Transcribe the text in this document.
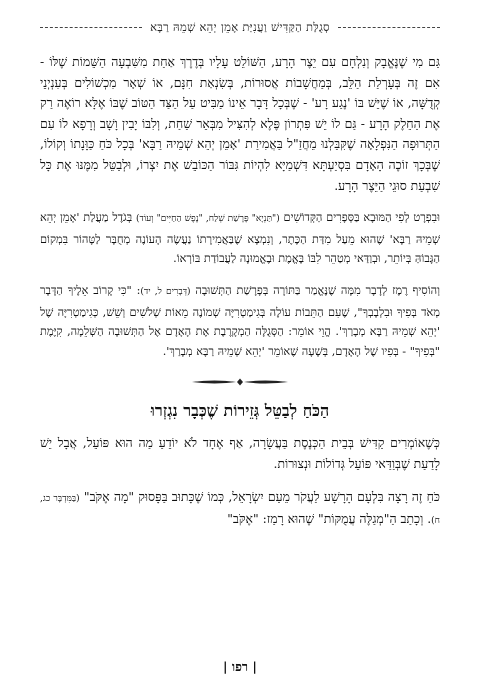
סְגֻלַּת הַקַּדִּישׁ וַעֲנִיַּת אָמֵן יְהֵא שְׁמֵהּ רַבָּא

גַּם מִי שֶׁנֶּאֱבָק וְנִלְחָם עִם יֵצֶר הָרָע, הַשּׁוֹלֵט עָלָיו בְּדֶרֶךְ אַחַת מִשִּׁבְעָה הַשֵּׁמוֹת שֶׁלּוֹ - אִם זֶה בְּעָרְלַת הַלֵּב, בְּמַחֲשָׁבוֹת אֲסוּרוֹת, בְּשִׂנְאַת חִנָּם, אוֹ שְׁאָר מִכְשׁוֹלִים בְּעִנְיְנֵי קְדֻשָּׁה, אוֹ שֶׁיֵּשׁ בּוֹ 'נֶגַע רָע' - שֶׁבְּכָל דָּבָר אֵינוֹ מַבִּיט עַל הַצַּד הַטּוֹב שֶׁבּוֹ אֶלָּא רוֹאֶה רַק אֶת הַחֵלֶק הָרָע - גַּם לוֹ יֵשׁ פִּתְרוֹן פֶּלֶא לְהִצִּיל מִבְּאֵר שַׁחַת, וְלִבּוֹ יָבִין וָשָׁב וְרָפָא לוֹ עִם הַתְּרוּפָה הַנִּפְלָאָה שֶׁקִּבַּלְנוּ מֵחֲזַ"ל בַּאֲמִירַת 'אָמֵן יְהֵא שְׁמֵיהּ רַבָּא' בְּכָל כֹּחַ כַּוָּנָתוֹ וְקוֹלוֹ, שֶׁבְּכָךְ זוֹכֶה הָאָדָם בִּסְיַעְתָּא דִּשְׁמַיָּא לִהְיוֹת גִּבּוֹר הַכּוֹבֵשׁ אֶת יִצְרוֹ, וּלְבַטֵּל מִמֶּנּוּ אֶת כָּל שִׁבְעַת סוּגֵי הַיֵּצֶר הָרָע.

וּבִפְרָט לְפִי הַמּוּבָא בַּסְּפָרִים הַקְּדוֹשִׁים ("תַּנְיָא" פָּרָשַׁת שְׁלַח, "נֶפֶשׁ הַחַיִּים" וְעוֹד) בְּגֹדֶל מַעֲלַת 'אָמֵן יְהֵא שְׁמֵיהּ רַבָּא' שֶׁהוּא מֵעַל מִדַּת הַכֶּתֶר, וְנִמְצָא שֶׁבַּאֲמִירָתוֹ נַעֲשֶׂה הָעוֹנֶה מְחֻבָּר לַטָּהוֹר בִּמְקוֹם הַגָּבוֹהַּ בְּיוֹתֵר, וּבְוַדַּאי מְטַהֵר לִבּוֹ בֶּאֱמֶת וּבֶאֱמוּנָה לַעֲבוֹדַת בּוֹרְאוֹ.

וְהוֹסִיף רֶמֶז לְדָבָר מִמָּה שֶׁנֶּאֱמַר בַּתּוֹרָה בְּפָרָשַׁת הַתְּשׁוּבָה (דְּבָרִים ל, יד): "כִּי קָרוֹב אֵלֶיךָ הַדָּבָר מְאֹד בְּפִיךָ וּבִלְבָבְךָ", שֶׁעִם הַתֵּבוֹת עוֹלֶה בְּגִימַטְרִיָּה שְׁמוֹנֶה מֵאוֹת שְׁלֹשִׁים וְשֵׁשׁ, כְּגִימַטְרִיָּה שֶׁל 'יְהֵא שְׁמֵיהּ רַבָּא מְבָרַךְ'. הֱוֵי אוֹמֵר: הַסְּגֻלָּה הַמְקָרֶבֶת אֶת הָאָדָם אֶל הַתְּשׁוּבָה הַשְּׁלֵמָה, קִיֶּמֶת "בְּפִיךָ" - בְּפִיו שֶׁל הָאָדָם, בְּשָׁעָה שֶׁאוֹמֵר 'יְהֵא שְׁמֵיהּ רַבָּא מְבָרַךְ'.

הַכֹּחַ לְבַטֵּל גְּזֵירוֹת שֶׁכְּבָר נִגְזְרוּ

כְּשֶׁאוֹמְרִים קַדִּישׁ בְּבֵית הַכְּנֶסֶת בַּעֲשָׂרָה, אַף אֶחָד לֹא יוֹדֵעַ מַה הוּא פּוֹעֵל, אֲבָל יֵשׁ לָדַעַת שֶׁבְּוַדַּאי פּוֹעֵל גְּדוֹלוֹת וּנְצוּרוֹת.

כֹּחַ זֶה רָצָה בִּלְעָם הָרָשָׁע לַעֲקֹר מֵעַם יִשְׂרָאֵל, כְּמוֹ שֶׁכָּתוּב בַּפָּסוּק "מָה אֶקֹּב" (בַּמִּדְבָּר כג, ח). וְכָתַב הַ"מְגַלֶּה עֲמֻקּוֹת" שֶׁהוּא רָמַז: "אֶקֹּב"

| רפו |
